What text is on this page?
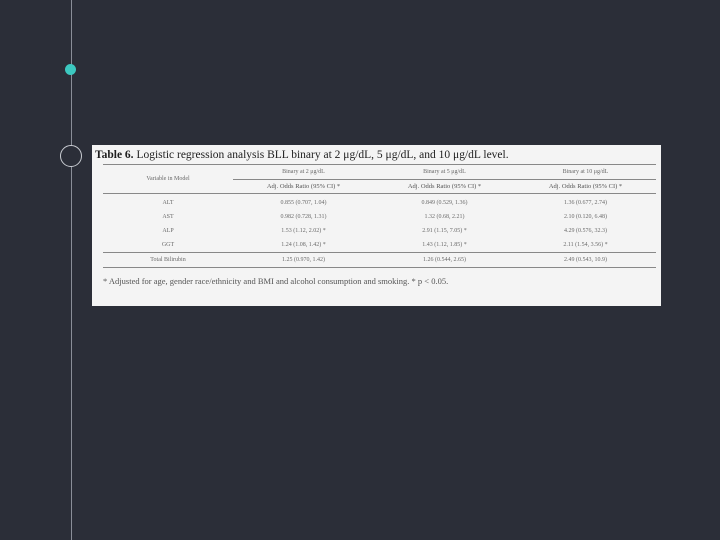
Table 6. Logistic regression analysis BLL binary at 2 μg/dL, 5 μg/dL, and 10 μg/dL level.
Variable in Model	Binary at 2 μg/dL	Binary at 5 μg/dL	Binary at 10 μg/dL
	Adj. Odds Ratio (95% CI) *	Adj. Odds Ratio (95% CI) *	Adj. Odds Ratio (95% CI) *
ALT	0.855 (0.707, 1.04)	0.849 (0.529, 1.36)	1.36 (0.677, 2.74)
AST	0.982 (0.728, 1.31)	1.32 (0.68, 2.21)	2.10 (0.120, 6.48)
ALP	1.53 (1.12, 2.02) *	2.91 (1.15, 7.05) *	4.29 (0.576, 32.3)
GGT	1.24 (1.08, 1.42) *	1.43 (1.12, 1.85) *	2.11 (1.54, 3.56) *
Total Bilirubin	1.25 (0.970, 1.42)	1.26 (0.544, 2.65)	2.49 (0.543, 10.9)
* Adjusted for age, gender race/ethnicity and BMI and alcohol consumption and smoking. * p < 0.05.
